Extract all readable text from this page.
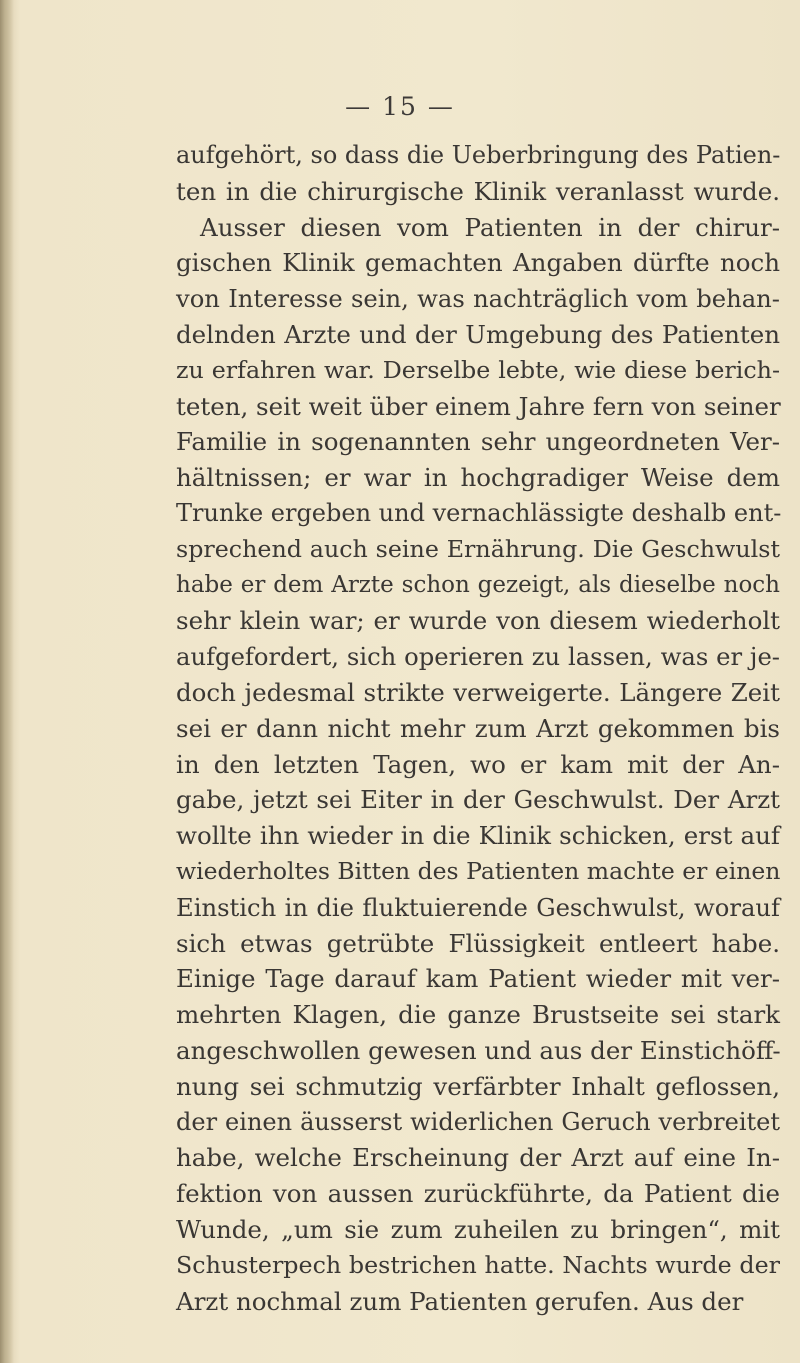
— 15 —
aufgehört, so dass die Ueberbringung des Patien-
ten in die chirurgische Klinik veranlasst wurde.
Ausser diesen vom Patienten in der chirur-
gischen Klinik gemachten Angaben dürfte noch
von Interesse sein, was nachträglich vom behan-
delnden Arzte und der Umgebung des Patienten
zu erfahren war. Derselbe lebte, wie diese berich-
teten, seit weit über einem Jahre fern von seiner
Familie in sogenannten sehr ungeordneten Ver-
hältnissen; er war in hochgradiger Weise dem
Trunke ergeben und vernachlässigte deshalb ent-
sprechend auch seine Ernährung. Die Geschwulst
habe er dem Arzte schon gezeigt, als dieselbe noch
sehr klein war; er wurde von diesem wiederholt
aufgefordert, sich operieren zu lassen, was er je-
doch jedesmal strikte verweigerte. Längere Zeit
sei er dann nicht mehr zum Arzt gekommen bis
in den letzten Tagen, wo er kam mit der An-
gabe, jetzt sei Eiter in der Geschwulst. Der Arzt
wollte ihn wieder in die Klinik schicken, erst auf
wiederholtes Bitten des Patienten machte er einen
Einstich in die fluktuierende Geschwulst, worauf
sich etwas getrübte Flüssigkeit entleert habe.
Einige Tage darauf kam Patient wieder mit ver-
mehrten Klagen, die ganze Brustseite sei stark
angeschwollen gewesen und aus der Einstichöff-
nung sei schmutzig verfärbter Inhalt geflossen,
der einen äusserst widerlichen Geruch verbreitet
habe, welche Erscheinung der Arzt auf eine In-
fektion von aussen zurückführte, da Patient die
Wunde, „um sie zum zuheilen zu bringen“, mit
Schusterpech bestrichen hatte. Nachts wurde der
Arzt nochmal zum Patienten gerufen. Aus der
